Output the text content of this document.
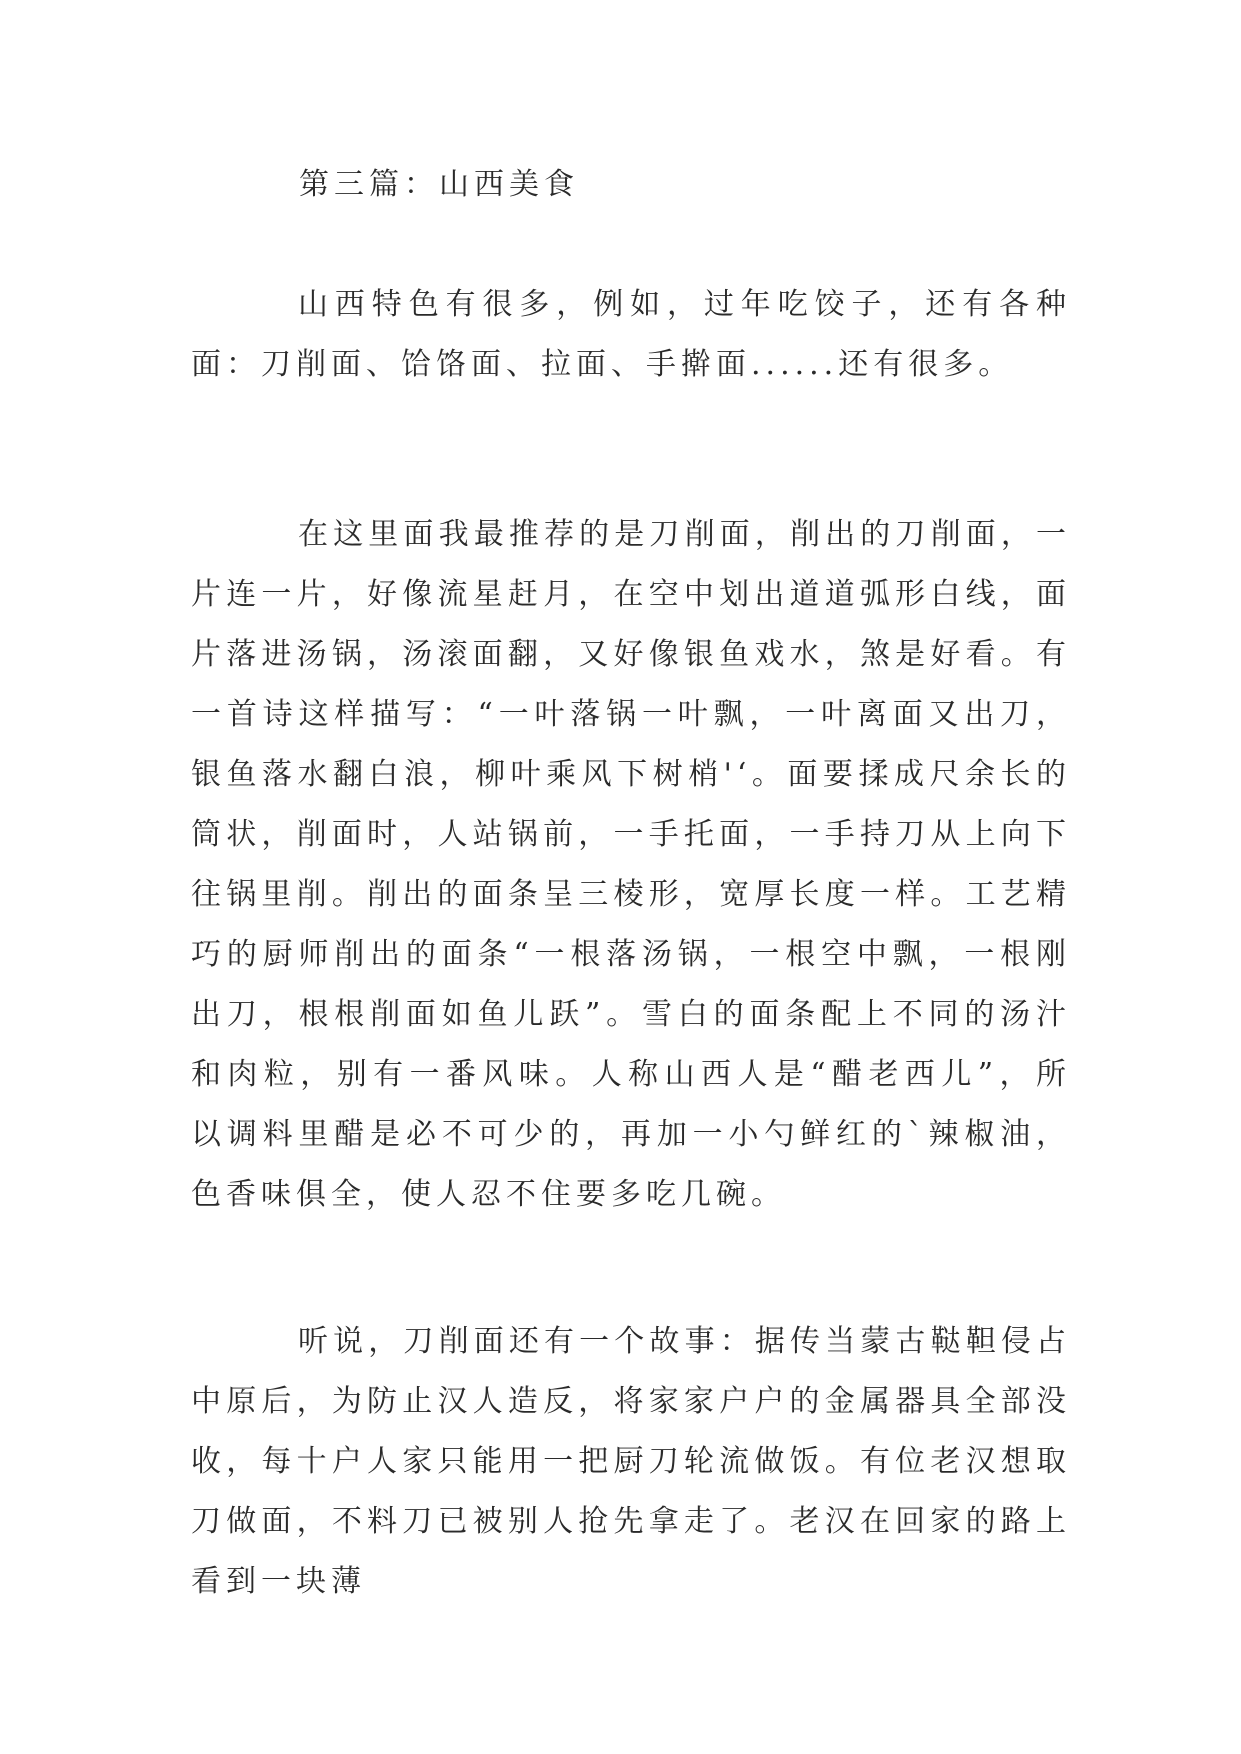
第三篇：山西美食

山西特色有很多，例如，过年吃饺子，还有各种面：刀削面、饸饹面、拉面、手擀面......还有很多。

在这里面我最推荐的是刀削面，削出的刀削面，一片连一片，好像流星赶月，在空中划出道道弧形白线，面片落进汤锅，汤滚面翻，又好像银鱼戏水，煞是好看。有一首诗这样描写：“一叶落锅一叶飘，一叶离面又出刀，银鱼落水翻白浪，柳叶乘风下树梢'‘。面要揉成尺余长的筒状，削面时，人站锅前，一手托面，一手持刀从上向下往锅里削。削出的面条呈三棱形，宽厚长度一样。工艺精巧的厨师削出的面条“一根落汤锅，一根空中飘，一根刚出刀，根根削面如鱼儿跃”。雪白的面条配上不同的汤汁和肉粒，别有一番风味。人称山西人是“醋老西儿”，所以调料里醋是必不可少的，再加一小勺鲜红的`辣椒油，色香味俱全，使人忍不住要多吃几碗。

听说，刀削面还有一个故事：据传当蒙古鞑靼侵占中原后，为防止汉人造反，将家家户户的金属器具全部没收，每十户人家只能用一把厨刀轮流做饭。有位老汉想取刀做面，不料刀已被别人抢先拿走了。老汉在回家的路上看到一块薄
